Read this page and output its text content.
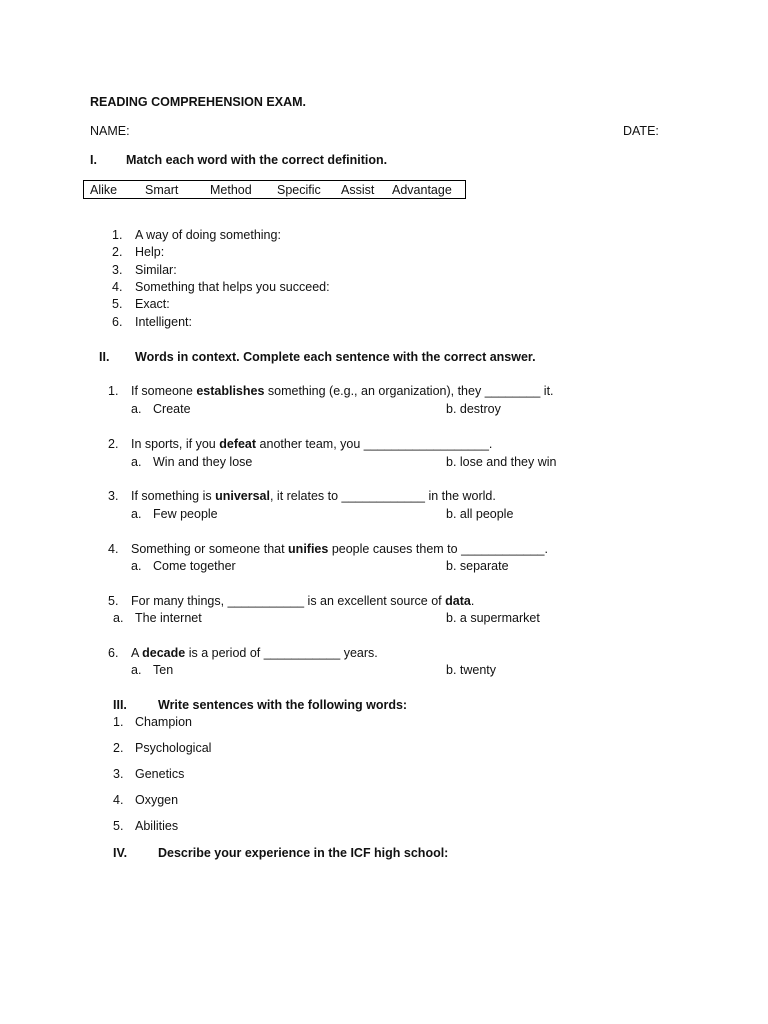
READING COMPREHENSION EXAM.
NAME:	DATE:
I. Match each word with the correct definition.
Alike Smart	Method Specific Assist Advantage
1. A way of doing something:
2. Help:
3. Similar:
4. Something that helps you succeed:
5. Exact:
6. Intelligent:
II. Words in context. Complete each sentence with the correct answer.
1. If someone establishes something (e.g., an organization), they ________ it.
a. Create	b. destroy
2. In sports, if you defeat another team, you __________________.
a. Win and they lose	b. lose and they win
3. If something is universal, it relates to ____________ in the world.
a. Few people	b. all people
4. Something or someone that unifies people causes them to ____________.
a. Come together	b. separate
5. For many things, ___________ is an excellent source of data.
a. The internet	b. a supermarket
6. A decade is a period of ___________ years.
a. Ten	b. twenty
III. Write sentences with the following words:
1. Champion
2. Psychological
3. Genetics
4. Oxygen
5. Abilities
IV. Describe your experience in the ICF high school:
